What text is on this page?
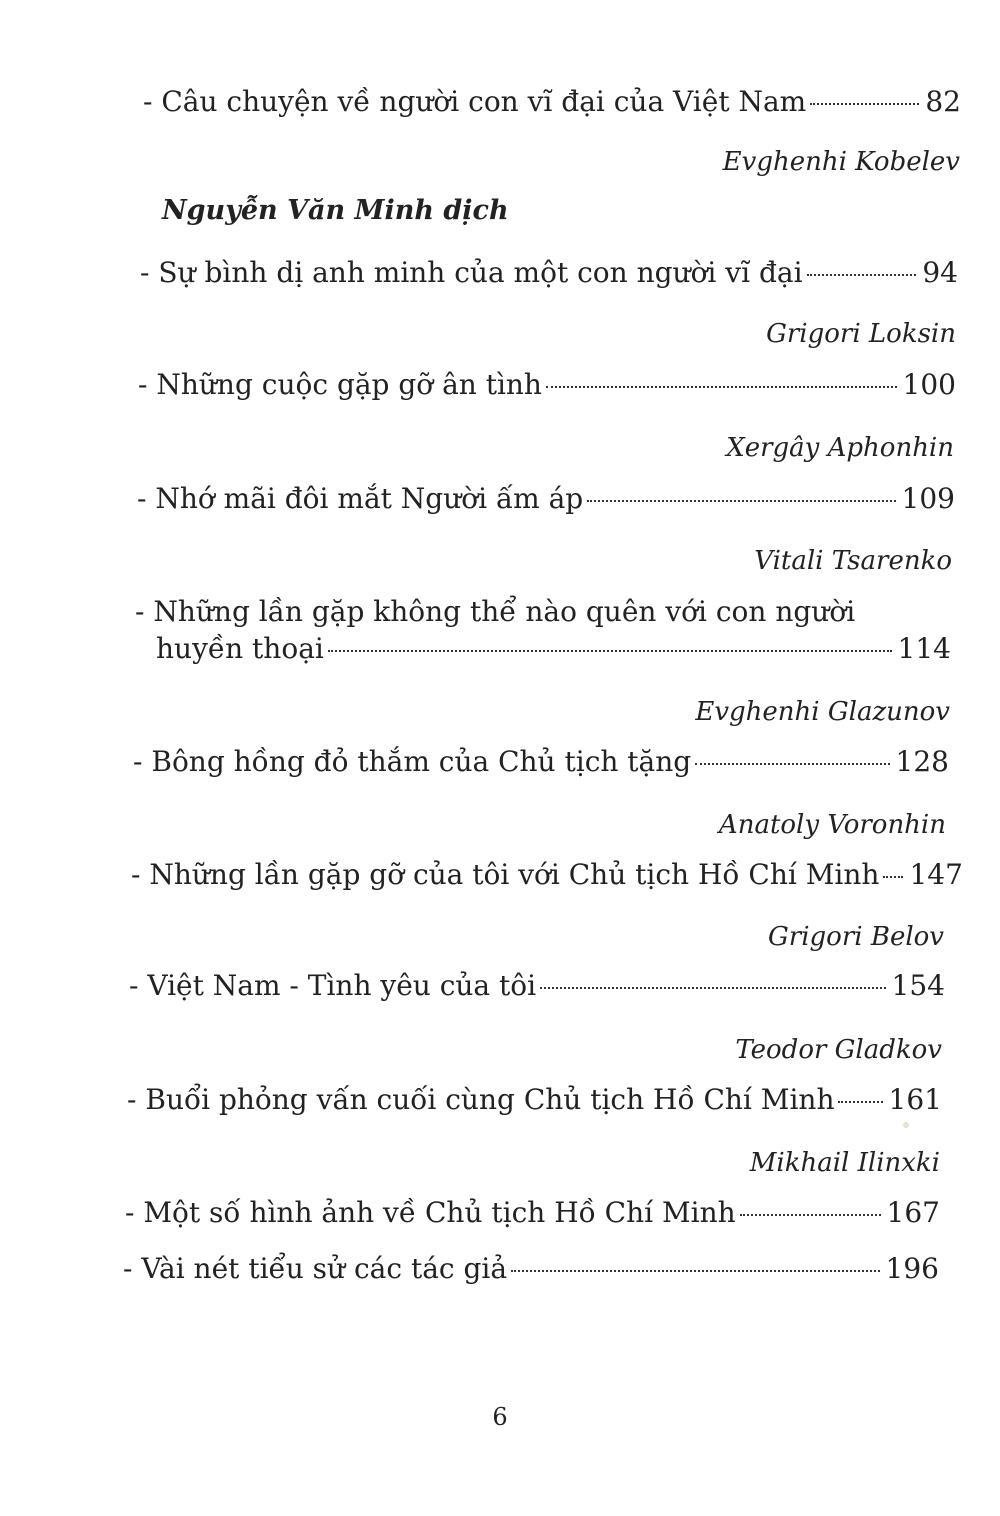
- Câu chuyện về người con vĩ đại của Việt Nam	82
Evghenhi Kobelev
Nguyễn Văn Minh dịch
- Sự bình dị anh minh của một con người vĩ đại	94
Grigori Loksin
- Những cuộc gặp gỡ ân tình	100
Xergây Aphonhin
- Nhớ mãi đôi mắt Người ấm áp	109
Vitali Tsarenko
- Những lần gặp không thể nào quên với con người
huyền thoại	114
Evghenhi Glazunov
- Bông hồng đỏ thắm của Chủ tịch tặng	128
Anatoly Voronhin
- Những lần gặp gỡ của tôi với Chủ tịch Hồ Chí Minh 147
Grigori Belov
- Việt Nam - Tình yêu của tôi	154
Teodor Gladkov
- Buổi phỏng vấn cuối cùng Chủ tịch Hồ Chí Minh 161
Mikhail Ilinxki
- Một số hình ảnh về Chủ tịch Hồ Chí Minh	167
- Vài nét tiểu sử các tác giả	196
6
